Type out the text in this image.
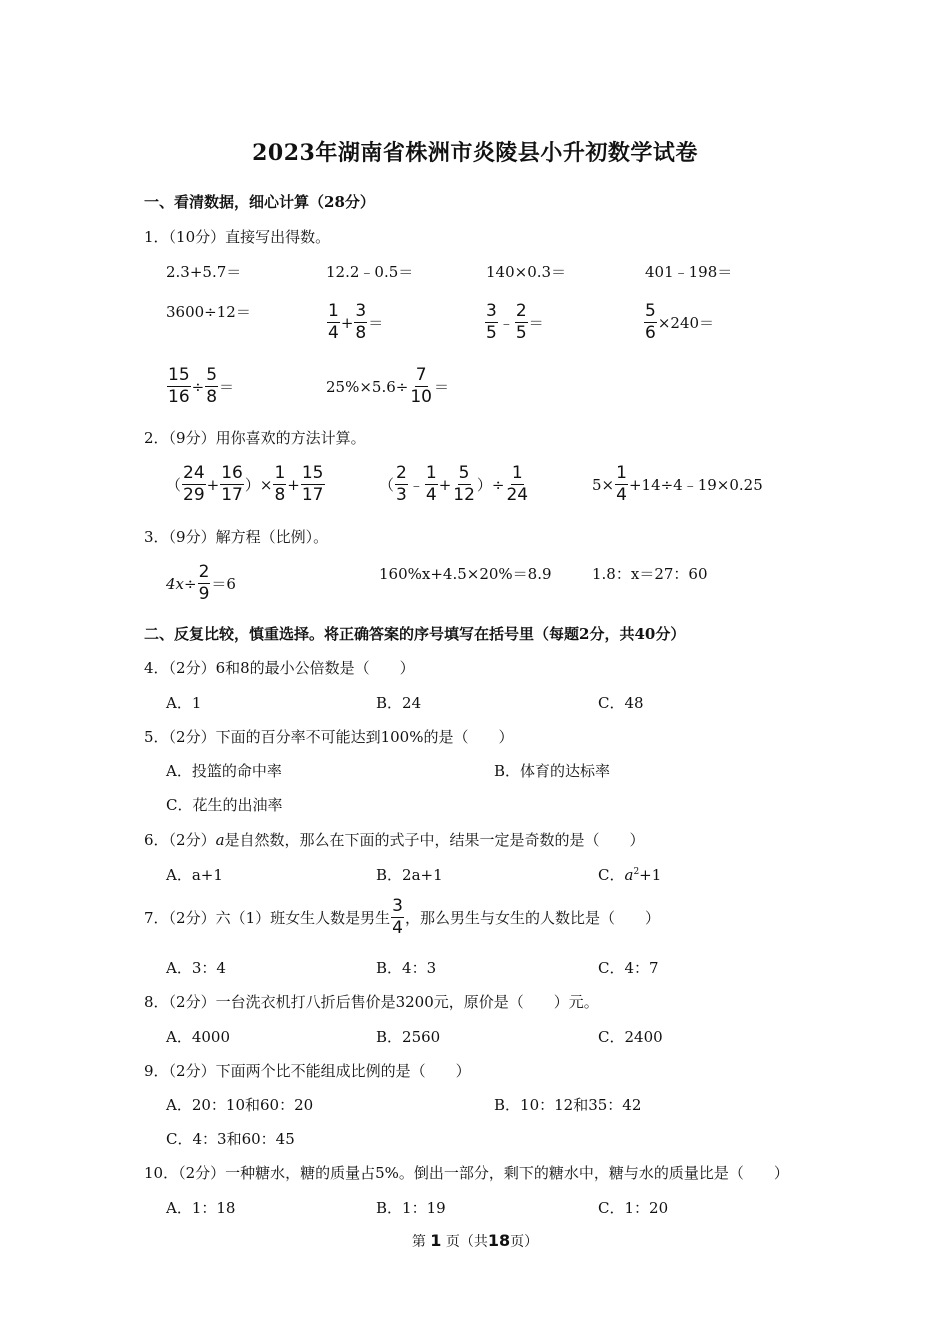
2023年湖南省株洲市炎陵县小升初数学试卷
一、看清数据，细心计算（28分）
1．（10分）直接写出得数。
2.3+5.7＝	12.2﹣0.5＝	140×0.3＝	401﹣198＝
3600÷12＝	$\frac{1}{4} + \frac{3}{8}$ ＝	$\frac{3}{5}$ ﹣ $\frac{2}{5}$ ＝	$\frac{5}{6} \times 240=$
$\frac{15}{16} \div \frac{5}{8}$ ＝	$25\%\times 5.6\div \frac{7}{10}$ ＝
2．（9分）用你喜欢的方法计算。
（ $\frac{24}{29} + \frac{16}{17}$ ）× $\frac{1}{8} + \frac{15}{17}$	（ $\frac{2}{3}$ ﹣ $\frac{1}{4} + \frac{5}{12}$ ）÷ $\frac{1}{24}$	$5\times \frac{1}{4}$ +14÷4﹣19×0.25
3．（9分）解方程（比例）。
$4x\div \frac{2}{9} =6$
160%x+4.5×20%＝8.9	1.8：x＝27：60
二、反复比较，慎重选择。将正确答案的序号填写在括号里（每题2分，共40分）
4．（2分）6和8的最小公倍数是（　　）
A．1	B．24	C．48
5．（2分）下面的百分率不可能达到100%的是（　　）
A．投篮的命中率	B．体育的达标率
C．花生的出油率
6．（2分）a是自然数，那么在下面的式子中，结果一定是奇数的是（　　）
A．a+1	B．2a+1	C．$a^2+1$
7．（2分）六（1）班女生人数是男生 $\frac{3}{4}$ ，那么男生与女生的人数比是（　　）
A．3：4	B．4：3	C．4：7
8．（2分）一台洗衣机打八折后售价是3200元，原价是（　　）元。
A．4000	B．2560	C．2400
9．（2分）下面两个比不能组成比例的是（　　）
A．20：10和60：20	B．10：12和35：42
C．4：3和60：45
10．（2分）一种糖水，糖的质量占5%。倒出一部分，剩下的糖水中，糖与水的质量比是（　　）
A．1：18	B．1：19	C．1：20
第 1 页（共18页）
